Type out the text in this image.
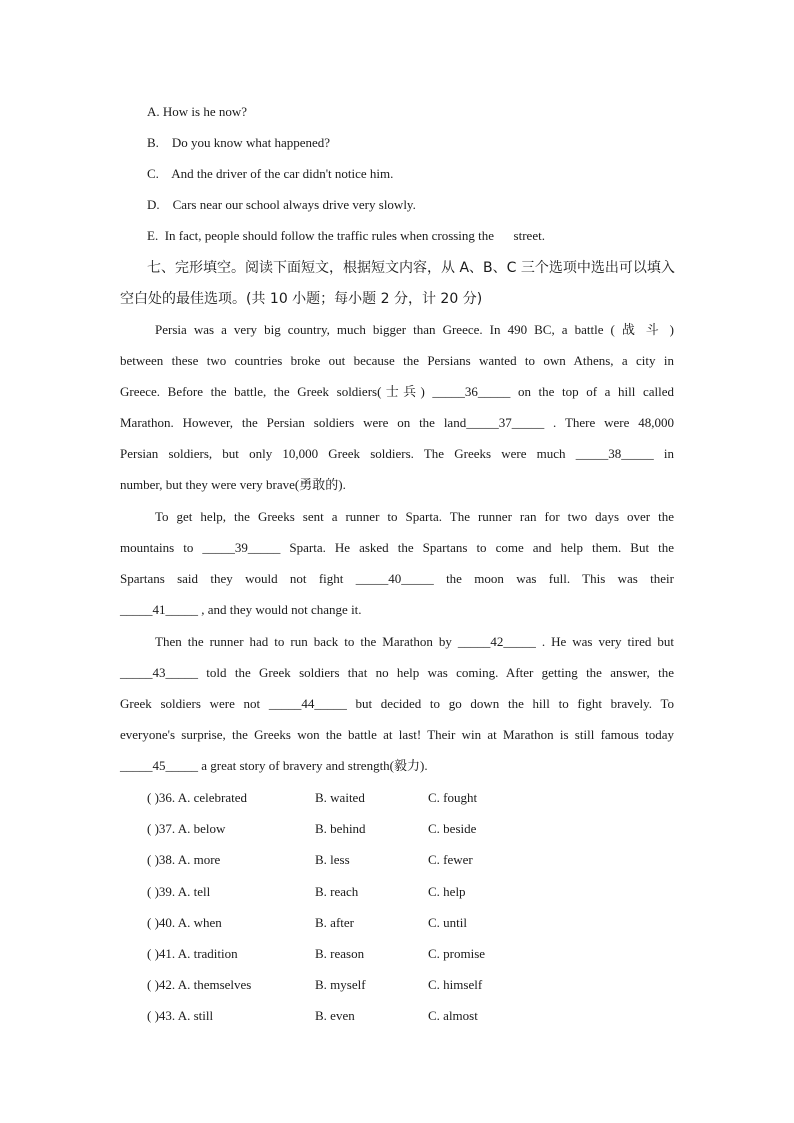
A. How is he now?
B.    Do you know what happened?
C.    And the driver of the car didn't notice him.
D.    Cars near our school always drive very slowly.
E.  In fact, people should follow the traffic rules when crossing the      street.
七、完形填空。阅读下面短文，根据短文内容，从 A、B、C 三个选项中选出可以填入
空白处的最佳选项。(共 10 小题；每小题 2 分，计 20 分)
Persia was a very big country, much bigger than Greece. In 490 BC, a battle ( 战 斗 )
between these two countries broke out because the Persians wanted to own Athens, a city in
Greece. Before the battle, the Greek soldiers(士兵) _____36_____ on the top of a hill called
Marathon. However, the Persian soldiers were on the land_____37_____ . There were 48,000
Persian soldiers, but only 10,000 Greek soldiers. The Greeks were much _____38_____ in
number, but they were very brave(勇敢的).
To get help, the Greeks sent a runner to Sparta. The runner ran for two days over the
mountains to _____39_____ Sparta. He asked the Spartans to come and help them. But the
Spartans said they would not fight _____40_____ the moon was full. This was their
_____41_____ , and they would not change it.
Then the runner had to run back to the Marathon by _____42_____ . He was very tired but
_____43_____ told the Greek soldiers that no help was coming. After getting the answer, the
Greek soldiers were not _____44_____ but decided to go down the hill to fight bravely. To
everyone's surprise, the Greeks won the battle at last! Their win at Marathon is still famous today
_____45_____ a great story of bravery and strength(毅力).
( )36. A. celebrated	B. waited	C. fought
( )37. A. below	B. behind	C. beside
( )38. A. more	B. less	C. fewer
( )39. A. tell	B. reach	C. help
( )40. A. when	B. after	C. until
( )41. A. tradition	B. reason	C. promise
( )42. A. themselves	B. myself	C. himself
( )43. A. still	B. even	C. almost
